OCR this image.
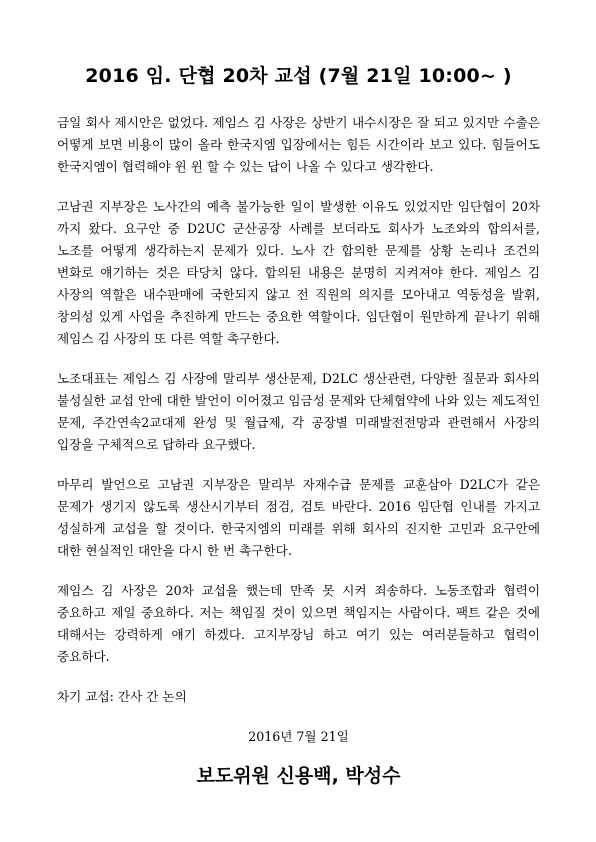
2016 임. 단협 20차 교섭 (7월 21일 10:00~ )

금일 회사 제시안은 없었다. 제임스 김 사장은 상반기 내수시장은 잘 되고 있지만 수출은 어떻게 보면 비용이 많이 올라 한국지엠 입장에서는 힘든 시간이라 보고 있다. 힘들어도 한국지엠이 협력해야 윈 윈 할 수 있는 답이 나올 수 있다고 생각한다.

고남권 지부장은 노사간의 예측 불가능한 일이 발생한 이유도 있었지만 임단협이 20차 까지 왔다. 요구안 중 D2UC 군산공장 사례를 보더라도 회사가 노조와의 합의서를, 노조를 어떻게 생각하는지 문제가 있다. 노사 간 합의한 문제를 상황 논리나 조건의 변화로 얘기하는 것은 타당치 않다. 합의된 내용은 분명히 지켜져야 한다. 제임스 김 사장의 역할은 내수판매에 국한되지 않고 전 직원의 의지를 모아내고 역동성을 발휘, 창의성 있게 사업을 추진하게 만드는 중요한 역할이다. 임단협이 원만하게 끝나기 위해 제임스 김 사장의 또 다른 역할 촉구한다.

노조대표는 제임스 김 사장에 말리부 생산문제, D2LC 생산관련, 다양한 질문과 회사의 불성실한 교섭 안에 대한 발언이 이어졌고 임금성 문제와 단체협약에 나와 있는 제도적인 문제, 주간연속2교대제 완성 및 월급제, 각 공장별 미래발전전망과 관련해서 사장의 입장을 구체적으로 답하라 요구했다.

마무리 발언으로 고남권 지부장은 말리부 자재수급 문제를 교훈삼아 D2LC가 같은 문제가 생기지 않도록 생산시기부터 점검, 검토 바란다. 2016 임단협 인내를 가지고 성실하게 교섭을 할 것이다. 한국지엠의 미래를 위해 회사의 진지한 고민과 요구안에 대한 현실적인 대안을 다시 한 번 촉구한다.

제임스 김 사장은 20차 교섭을 했는데 만족 못 시켜 죄송하다. 노동조합과 협력이 중요하고 제일 중요하다. 저는 책임질 것이 있으면 책임지는 사람이다. 팩트 같은 것에 대해서는 강력하게 얘기 하겠다. 고지부장님 하고 여기 있는 여러분들하고 협력이 중요하다.

차기 교섭: 간사 간 논의

2016년 7월 21일

보도위원 신용백, 박성수
